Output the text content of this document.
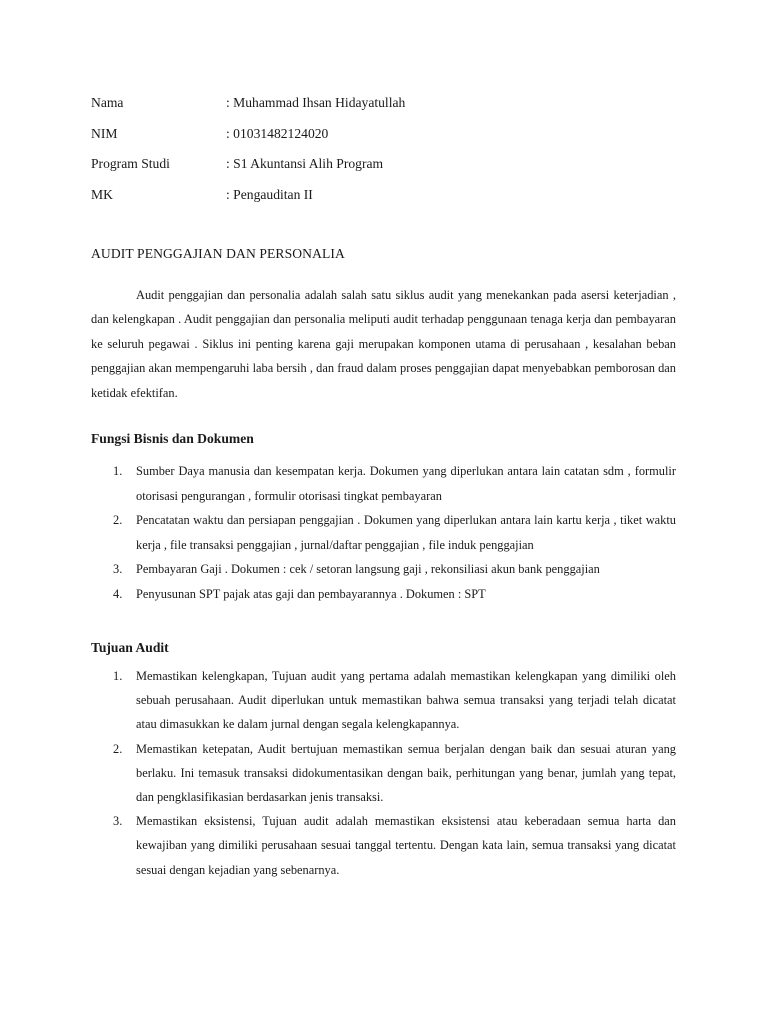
Nama	: Muhammad Ihsan Hidayatullah
NIM	: 01031482124020
Program Studi	: S1 Akuntansi Alih Program
MK	: Pengauditan II
AUDIT PENGGAJIAN DAN PERSONALIA

Audit penggajian dan personalia adalah salah satu siklus audit yang menekankan pada asersi keterjadian , dan kelengkapan . Audit penggajian dan personalia meliputi audit terhadap penggunaan tenaga kerja dan pembayaran ke seluruh pegawai . Siklus ini penting karena gaji merupakan komponen utama di perusahaan , kesalahan beban penggajian akan mempengaruhi laba bersih , dan fraud dalam proses penggajian dapat menyebabkan pemborosan dan ketidak efektifan.

Fungsi Bisnis dan Dokumen
1.	Sumber Daya manusia dan kesempatan kerja. Dokumen yang diperlukan antara lain catatan sdm , formulir otorisasi pengurangan , formulir otorisasi tingkat pembayaran
2.	Pencatatan waktu dan persiapan penggajian . Dokumen yang diperlukan antara lain kartu kerja , tiket waktu kerja , file transaksi penggajian , jurnal/daftar penggajian , file induk penggajian
3.	Pembayaran Gaji . Dokumen : cek / setoran langsung gaji , rekonsiliasi akun bank penggajian
4.	Penyusunan SPT pajak atas gaji dan pembayarannya . Dokumen : SPT
Tujuan Audit
1.	Memastikan kelengkapan, Tujuan audit yang pertama adalah memastikan kelengkapan yang dimiliki oleh sebuah perusahaan. Audit diperlukan untuk memastikan bahwa semua transaksi yang terjadi telah dicatat atau dimasukkan ke dalam jurnal dengan segala kelengkapannya.
2.	Memastikan ketepatan, Audit bertujuan memastikan semua berjalan dengan baik dan sesuai aturan yang berlaku. Ini temasuk transaksi didokumentasikan dengan baik, perhitungan yang benar, jumlah yang tepat, dan pengklasifikasian berdasarkan jenis transaksi.
3.	Memastikan eksistensi, Tujuan audit adalah memastikan eksistensi atau keberadaan semua harta dan kewajiban yang dimiliki perusahaan sesuai tanggal tertentu. Dengan kata lain, semua transaksi yang dicatat sesuai dengan kejadian yang sebenarnya.
